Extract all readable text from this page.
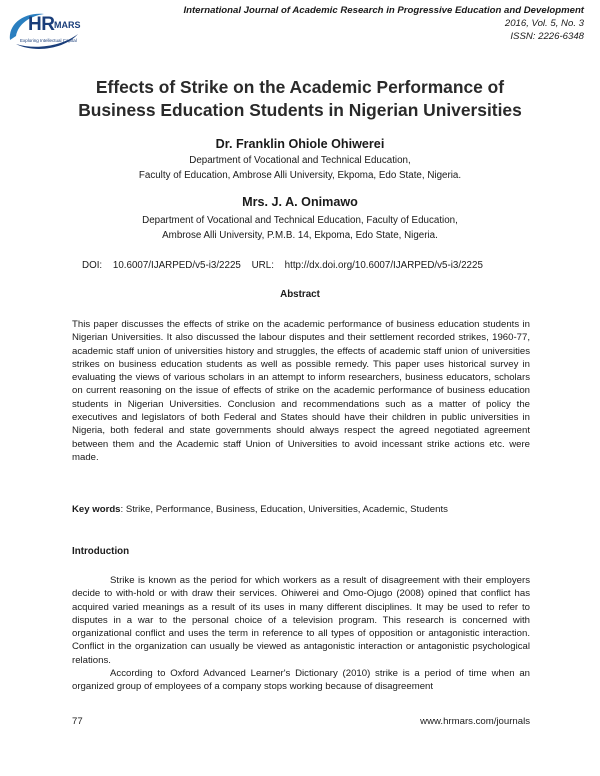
HR MARS
Exploring Intellectual Capital
International Journal of Academic Research in Progressive Education and Development
2016, Vol. 5, No. 3
ISSN: 2226-6348
Effects of Strike on the Academic Performance of
Business Education Students in Nigerian Universities
Dr. Franklin Ohiole Ohiwerei
Department of Vocational and Technical Education,
Faculty of Education, Ambrose Alli University, Ekpoma, Edo State, Nigeria.
Mrs. J. A. Onimawo
Department of Vocational and Technical Education, Faculty of Education,
Ambrose Alli University, P.M.B. 14, Ekpoma, Edo State, Nigeria.
DOI: 10.6007/IJARPED/v5-i3/2225 URL: http://dx.doi.org/10.6007/IJARPED/v5-i3/2225
Abstract
This paper discusses the effects of strike on the academic performance of business education students in Nigerian Universities. It also discussed the labour disputes and their settlement recorded strikes, 1960-77, academic staff union of universities history and struggles, the effects of academic staff union of universities strikes on business education students as well as possible remedy. This paper uses historical survey in evaluating the views of various scholars in an attempt to inform researchers, business educators, scholars on current reasoning on the issue of effects of strike on the academic performance of business education students in Nigerian Universities. Conclusion and recommendations such as a matter of policy the executives and legislators of both Federal and States should have their children in public universities in Nigeria, both federal and state governments should always respect the agreed negotiated agreement between them and the Academic staff Union of Universities to avoid incessant strike actions etc. were made.
Key words: Strike, Performance, Business, Education, Universities, Academic, Students
Introduction
Strike is known as the period for which workers as a result of disagreement with their employers decide to with-hold or with draw their services. Ohiwerei and Omo-Ojugo (2008) opined that conflict has acquired varied meanings as a result of its uses in many different disciplines. It may be used to refer to disputes in a war to the personal choice of a television program. This research is concerned with organizational conflict and uses the term in reference to all types of opposition or antagonistic interaction. Conflict in the organization can usually be viewed as antagonistic interaction or antagonistic psychological relations.
According to Oxford Advanced Learner's Dictionary (2010) strike is a period of time when an organized group of employees of a company stops working because of disagreement
77	www.hrmars.com/journals
